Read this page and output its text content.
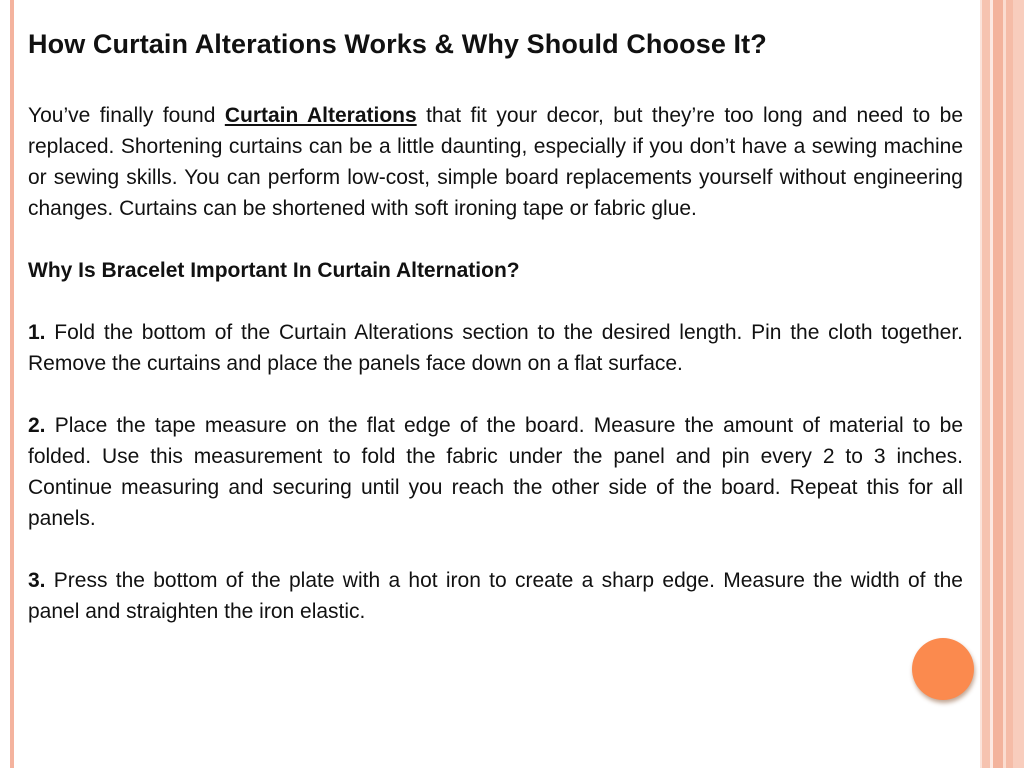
How Curtain Alterations Works & Why Should Choose It?

You’ve finally found Curtain Alterations that fit your decor, but they’re too long and need to be replaced. Shortening curtains can be a little daunting, especially if you don’t have a sewing machine or sewing skills. You can perform low-cost, simple board replacements yourself without engineering changes. Curtains can be shortened with soft ironing tape or fabric glue.

Why Is Bracelet Important In Curtain Alternation?

1. Fold the bottom of the Curtain Alterations section to the desired length. Pin the cloth together. Remove the curtains and place the panels face down on a flat surface.

2. Place the tape measure on the flat edge of the board. Measure the amount of material to be folded. Use this measurement to fold the fabric under the panel and pin every 2 to 3 inches. Continue measuring and securing until you reach the other side of the board. Repeat this for all panels.

3. Press the bottom of the plate with a hot iron to create a sharp edge. Measure the width of the panel and straighten the iron elastic.
